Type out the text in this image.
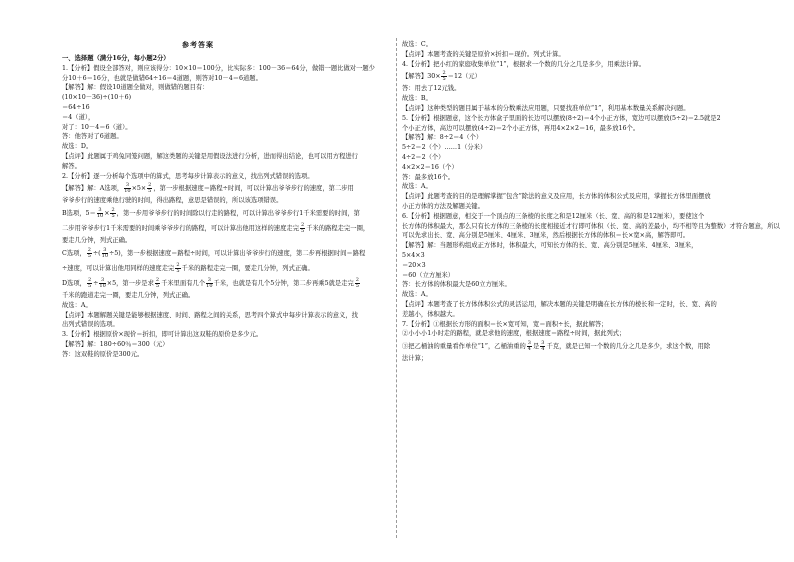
参考答案
一、选择题（满分16分，每小题2分）
1.【分析】假设全部答对，则应该得分：10×10＝100分，比实际多：100－36＝64分，做错一题比做对一题少
分10＋6＝16分，也就是做错64÷16＝4道题，则答对10－4＝6道题。
【解答】解：假设10道题全做对，则做错的题目有：
(10×10－36)÷(10＋6)
＝64÷16
＝4（道），
对了：10－4＝6（道）。
答：他答对了6道题。
故选：D。
【点评】此题属于鸡兔同笼问题，解这类题的关键是用假设法进行分析，进而得出结论，也可以用方程进行
解答。
2.【分析】逐一分析每个选项中的算式，思考每步计算表示的意义，找出列式错误的选项。
【解答】解：A选项， $\frac{3}{10} \times 5\times \frac{2}{5}$ ，第一步根据速度＝路程÷时间，可以计算出爷爷步行的速度，第二步用
爷爷步行的速度乘他行驶的时间，得出路程，意思是错误的，所以该选项错误。
B选项，$5= \frac{3}{10} \times \frac{2}{5}$ ，第一步用爷爷步行的时间除以行走的路程，可以计算出爷爷步行1千米需要的时间，第
二步用爷爷步行1千米需要的时间乘爷爷步行的路程，可以计算出他用这样的速度走完 $\frac{2}{5}$ 千米的路程走完一圈，
要走几分钟，列式正确。
C选项， $\frac{2}{5}$ ÷( $\frac{3}{10} \div 5$)，第一步根据速度＝路程÷时间，可以计算出爷爷步行的速度，第二步再根据时间＝路程
÷速度，可以计算出他用同样的速度走完 $\frac{2}{5}$ 千米的路程走完一圈，要走几分钟，列式正确。
D选项， $\frac{2}{5} \div \frac{3}{10} \times 5$，第一步是求 $\frac{2}{5}$ 千米里面有几个 $\frac{3}{10}$ 千米，也就是有几个5分钟，第二步再乘5就是走完 $\frac{2}{5}$
千米的跑道走完一圈，要走几分钟，列式正确。
故选：A。
【点评】本题解题关键是能够根据速度、时间、路程之间的关系，思考四个算式中每步计算表示的意义，找
出列式错误的选项。
3.【分析】根据原价×现价＝折扣，即可计算出这双鞋的原价是多少元。
【解答】解：180÷60％＝300（元）
答：这双鞋的原价是300元。
故选：C。
【点评】本题考查的关键是原价×折扣＝现价。列式计算。
4.【分析】把小红的家庭收集单位“1”，根据求一个数的几分之几是多少，用乘法计算。
【解答】$30\times \frac{2}{5} =12$（元）
答：用去了12元钱。
故选：B。
【点评】这种类型的题目属于基本的分数乘法应用题，只要找准单位“1”，利用基本数量关系解决问题。
5.【分析】根据题意，这个长方体盒子里面的长边可以摆放(8÷2)＝4个小正方体，宽边可以摆放(5÷2)＝2.5就是2
个小正方体，高边可以摆放(4÷2)＝2个小正方体，再用4×2×2＝16，最多放16个。
【解答】解：8÷2＝4（个）
5÷2＝2（个）……1（分米）
4÷2＝2（个）
4×2×2＝16（个）
答：最多放16个。
故选：A。
【点评】此题考查的目的是理解掌握“包含”除法的意义及应用，长方体的体积公式及应用，掌握长方体里面摆放
小正方体的方法及解题关键。
6.【分析】根据题意，相交于一个顶点的三条棱的长度之和是12厘米（长、宽、高的和是12厘米），要使这个
长方体的体积最大，那么只有长方体的三条棱的长度相接近才行即可体积（长、宽、高的差最小，均不相等且为整数）才符合题意，所以
可以先求出长、宽、高分别是5厘米、4厘米、3厘米，然后根据长方体的体积＝长×宽×高，解答即可。
【解答】解：当题形构组成正方体时，体积最大，可知长方体的长、宽、高分别是5厘米、4厘米、3厘米，
5×4×3
＝20×3
＝60（立方厘米）
答：长方体的体积最大是60立方厘米。
故选：A。
【点评】本题考查了长方体体积公式的灵活运用，解决本题的关键是明确在长方体的棱长和一定时，长、宽、高的
差越小，体积越大。
7.【分析】①根据长方形的面积＝长×宽可知，宽＝面积÷长，据此解答；
②小小小1小时走的路程，就是求他的速度，根据速度＝路程÷时间，据此列式；
③把乙桶油的重量看作单位“1”，乙桶油重的 $\frac{3}{4}$ 是 $\frac{3}{4}$ 千克，就是已知一个数的几分之几是多少，求这个数，用除
法计算；
